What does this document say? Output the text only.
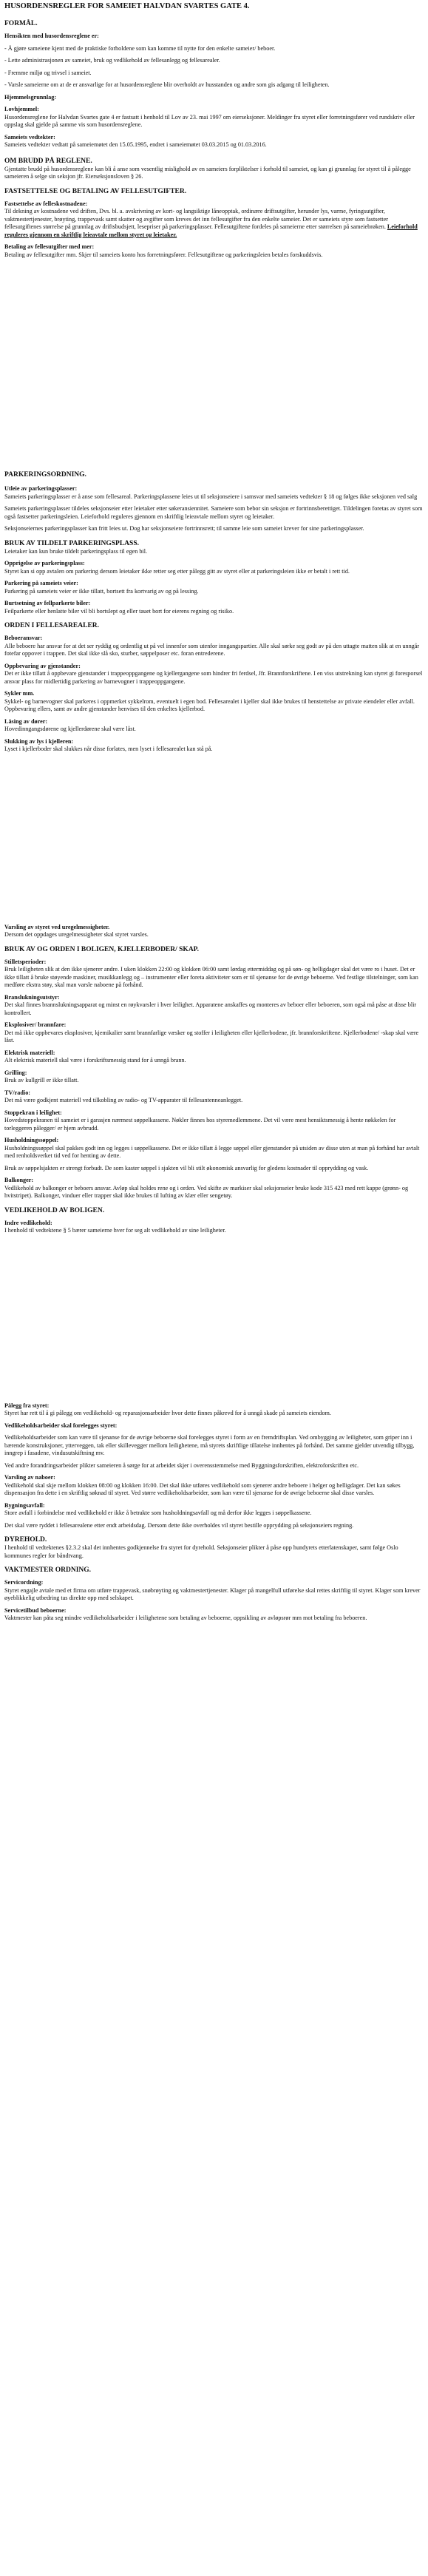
HUSORDENSREGLER FOR SAMEIET HALVDAN SVARTES GATE 4.
FORMÅL.
Hensikten med husordensreglene er:
- Å gjøre sameienе kjent med de praktiske forholdene som kan komme til nytte for den enkelte sameier/ beboer.
- Lette administrasjonen av sameiet, bruk og vedlikehold av fellesanlegg og fellesarealer.
- Fremme miljø og trivsel i sameiet.
- Varsle sameierne om at de er ansvarlige for at husordensreglene blir overholdt av husstanden og andre som gis adgang til leiligheten.
Hjemmelsgrunnlag:
Lovhjemmel:
Husordensreglene for Halvdan Svartes gate 4 er fastsatt i henhold til Lov av 23. mai 1997 om eierseksjoner. Meldinger fra styret eller forretningsfører ved rundskriv eller oppslag skal gjelde på samme vis som husordensreglene.
Sameiets vedtekter:
Sameiets vedtekter vedtatt på sameiemøtet den 15.05.1995, endret i sameiemøtet 03.03.2015 og 01.03.2016.
OM BRUDD PÅ REGLENE.
Gjentatte brudd på husordensreglene kan bli å anse som vesentlig mislighold av en sameiers forpliktelser i forhold til sameiet, og kan gi grunnlag for styret til å pålegge sameieren å selge sin seksjon jfr. Eierseksjonsloven § 26.
FASTSETTELSE OG BETALING AV FELLESUTGIFTER.
Fastsettelse av felleskostnadene:
Til dekning av kostnadene ved driften, Dvs. bl. a. avskrivning av kort- og langsiktige lånеopptak, ordinære driftsutgifter, herunder lys, varme, fyringsutgifter, vaktmestertjenester, brøyting, trappevask samt skatter og avgifter som kreves det inn fellesutgifter fra den enkelte sameier. Det er sameiets styre som fastsetter fellesutgiftenes størrelse på grunnlag av driftsbudsjett, lesepriser på parkeringsplasser. Fellesutgiftene fordeles på sameierne etter størrelsen på sameiebrøken. Leieforhold reguleres gjennom en skriftlig leieavtale mellom styret og leietaker.
Betaling av fellesutgifter med mer:
Betaling av fellesutgifter mm. Skjer til sameiets konto hos forretningsfører. Fellesutgiftene og parkeringsleien betales forskuddsvis.
PARKERINGSORDNING.
Utleie av parkeringsplasser:
Sameiets parkeringsplasser er å anse som fellesareal. Parkeringsplassene leies ut til seksjonseiere i samsvar med sameiets vedtekter § 18 og følges ikke seksjonen ved salg
Sameiets parkeringsplasser tildeles seksjonseier etter leietaker etter søkeransiennitet. Sameiere som bebor sin seksjon er fortrinnsberettiget. Tildelingen foretas av styret som også fastsetter parkeringsleien. Leieforhold reguleres gjennom en skriftlig leieavtale mellom styret og leietaker.
Seksjonseiernes parkeringsplasser kan fritt leies ut. Dog har seksjonseiere fortrinnsrett; til samme leie som sameiet krever for sine parkeringsplasser.
BRUK AV TILDELT PARKERINGSPLASS.
Leietaker kan kun bruke tildelt parkeringsplass til egen bil.
Opprigelse av parkeringsplass:
Styret kan si opp avtalen om parkering dersom leietaker ikke retter seg etter pålegg gitt av styret eller at parkeringsleien ikke er betalt i rett tid.
Parkering på sameiets veier:
Parkering på sameiets veier er ikke tillatt, bortsett fra kortvarig av og på lessing.
Burtsetning av fellparkerte biler:
Feilparkerte eller henlatte biler vil bli bortslept og eller tauet bort for eierens regning og risiko.
ORDEN I FELLESAREALER.
Beboeransvar:
Alle beboere har ansvar for at det ser ryddig og ordentlig ut på vel innenfor som utenfor inngangspartier. Alle skal sørke seg godt av på den uttagte matten slik at en unngår fotefar oppover i trappen. Det skal ikke slå sko, sturber, søppelposer etc. foran entrederene.
Oppbevaring av gjenstander:
Det er ikke tillatt å oppbevare gjenstander i trappeoppgangene og kjellergangene som hindrer fri ferdsel, Jfr. Brannforskriftene. I en viss utstrekning kan styret gi foresporsel ansvar plass for midlertidig parkering av barnevogner i trappeoppgangene.
Sykler mm.
Sykkel- og barnevogner skal parkeres i oppmerket sykkelrom, eventuelt i egen bod. Fellesarealet i kjeller skal ikke brukes til henstettelse av private eiendeler eller avfall. Oppbevaring ellers, samt av andre gjenstander henvises til den enkeltes kjellerbod.
Låsing av dører:
Hovedinngangsdørene og kjellerdørene skal være låst.
Slukking av lys i kjelleren:
Lyset i kjellerboder skal slukkes når disse forlates, men lyset i fellesarealet kan stå på.
Varsling av styret ved uregelmessigheter.
Dersom det oppdages uregelmessigheter skal styret varsles.
BRUK AV OG ORDEN I BOLIGEN, KJELLERBODER/ SKAP.
Stilletsperioder:
Bruk leiligheten slik at den ikke sjenerer andre. I uken klokken 22:00 og klokken 06:00 samt lørdag ettermiddag og på søn- og helligdager skal det være ro i huset. Det er ikke tillatt å bruke støyende maskiner, musikkanlegg og – instrumenter eller foreta aktiviteter som er til sjenanse for de øvrige beboerne. Ved festlige tilstelninger, som kan medføre ekstra støy, skal man varsle naboene på forhånd.
Branslukningsutstyr:
Det skal finnes brannslukningsapparat og minst en røykvarsler i hver leilighet. Apparatene anskaffes og monteres av beboer eller beboeren, som også må påse at disse blir kontrollert.
Eksplosiver/ brannfare:
Det må ikke oppbevares eksplosiver, kjemikalier samt brannfarlige væsker og stoffer i leiligheten eller kjellerbodene, jfr. brannforskriftene. Kjellerbodene/ -skap skal være låst.
Elektrisk materiell:
Alt elektrisk materiell skal være i forskriftsmessig stand for å unngå brann.
Grilling:
Bruk av kullgrill er ikke tillatt.
TV/radio:
Det må være godkjent materiell ved tilkobling av radio- og TV-apparater til fellesantenneanlegget.
Stoppekran i leilighet:
Hovedstoppekranen til sameiet er i garasjen nærmest søppelkassene. Nøkler finnes hos styremedlemmene. Det vil være mest hensiktsmessig å hente nøkkelen for torleggeren pålegger/ er hjem avbrudd.
Husholdningssøppel:
Husholdningssøppel skal pakkes godt inn og legges i søppelkassene. Det er ikke tillatt å legge søppel eller gjenstander på utsiden av disse uten at man på forhånd har avtalt med renholdsverket tid ved for henting av dette.
Bruk av søppelsjakten er strengt forbudt. De som kaster søppel i sjakten vil bli stilt økonomisk ansvarlig for gledens kostnader til opprydding og vask.
Balkonger:
Vedlikehold av balkonger er beboers ansvar. Avløp skal holdes rene og i orden. Ved skifte av markiser skal seksjonseier bruke kode 315 423 med rett kappe (grønn- og hvitstripet). Balkonger, vinduer eller trapper skal ikke brukes til lufting av klær eller sengetøy.
VEDLIKEHOLD AV BOLIGEN.
Indre vedlikehold:
I henhold til vedtektene § 5 bærer sameierne hver for seg alt vedlikehold av sine leiligheter.
Pålegg fra styret:
Styret har rett til å gi pålegg om vedlikehold- og reparasjonsarbeider hvor dette finnes påkrevd for å unngå skade på sameiets eiendom.
Vedlikeholdsarbeider skal foreleggеs styret:
Vedlikeholdsarbeider som kan være til sjenanse for de øvrige beboerne skal foreleggеs styret i form av en fremdriftsplan. Ved ombygging av leiligheter, som griper inn i bærende konstruksjoner, ytterveggen, tak eller skillevegger mellom leilighetene, må styrets skriftlige tillatelse innhentes på forhånd. Det samme gjelder utvendig tilbygg, inngrep i fasadene, vindusutskiftning mv.
Ved andre forandringsarbeider plikter sameieren å sørge for at arbeidet skjer i overensstemmelse med Byggningsforskriften, elektroforskriften etc.
Varsling av naboer:
Vedlikehold skal skje mellom klokken 08:00 og klokken 16:00. Det skal ikke utføres vedlikehold som sjenerer andre beboere i helger og helligdager. Det kan søkes dispensasjon fra dette i en skriftlig søknad til styret. Ved større vedlikeholdsarbeider, som kan være til sjenanse for de øvrige beboerne skal disse varsles.
Bygningsavfall:
Store avfall i forbindelse med vedlikehold er ikke å betrakte som husholdningsavfall og må derfor ikke legges i søppelkassene.
Det skal være ryddet i fellesarealene etter endt arbeidsdag. Dersom dette ikke overholdes vil styret bestille opprydding på seksjonseiers regning.
DYREHOLD.
I henhold til vedtektenes §2.3.2 skal det innhentes godkjennelse fra styret for dyrehold. Seksjonseier plikter å påse opp hundyrets etterlatenskaper, samt følge Oslo kommunes regler for båndtvang.
VAKTMESTER ORDNING.
Servicordning:
Styret engajle avtale med et firma om utføre trappevask, snøbrøyting og vaktmestertjenester. Klager på mangelfull utførelse skal rettes skriftlig til styret. Klager som krever øyeblikkelig utbedring tas direkte opp med selskapet.
Servicetilbud beboerne:
Vaktmester kan påta seg mindre vedlikeholdsarbeider i leilighetene som betaling av beboerne, oppsikling av avløpsrør mm mot betaling fra beboeren.
